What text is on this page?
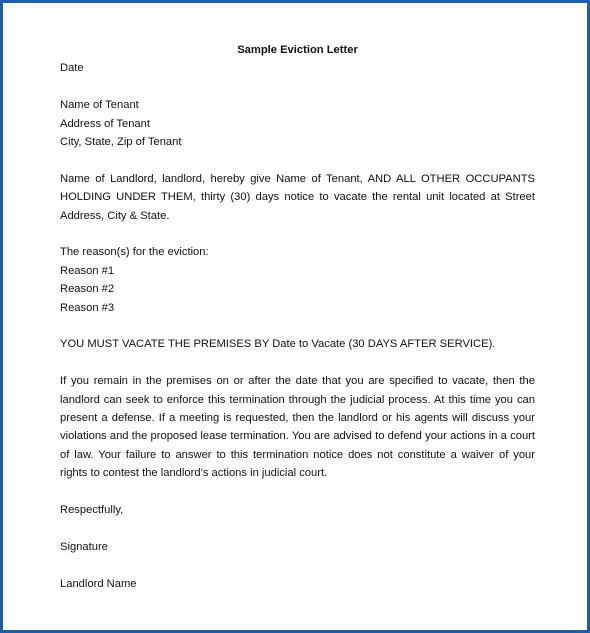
Sample Eviction Letter

Date

Name of Tenant

Address of Tenant

City, State, Zip of Tenant

Name of Landlord, landlord, hereby give Name of Tenant, AND ALL OTHER OCCUPANTS HOLDING UNDER THEM, thirty (30) days notice to vacate the rental unit located at Street Address, City & State.

The reason(s) for the eviction:

Reason #1

Reason #2

Reason #3

YOU MUST VACATE THE PREMISES BY Date to Vacate (30 DAYS AFTER SERVICE).

If you remain in the premises on or after the date that you are specified to vacate, then the landlord can seek to enforce this termination through the judicial process. At this time you can present a defense. If a meeting is requested, then the landlord or his agents will discuss your violations and the proposed lease termination. You are advised to defend your actions in a court of law. Your failure to answer to this termination notice does not constitute a waiver of your rights to contest the landlord’s actions in judicial court.

Respectfully,

Signature

Landlord Name
